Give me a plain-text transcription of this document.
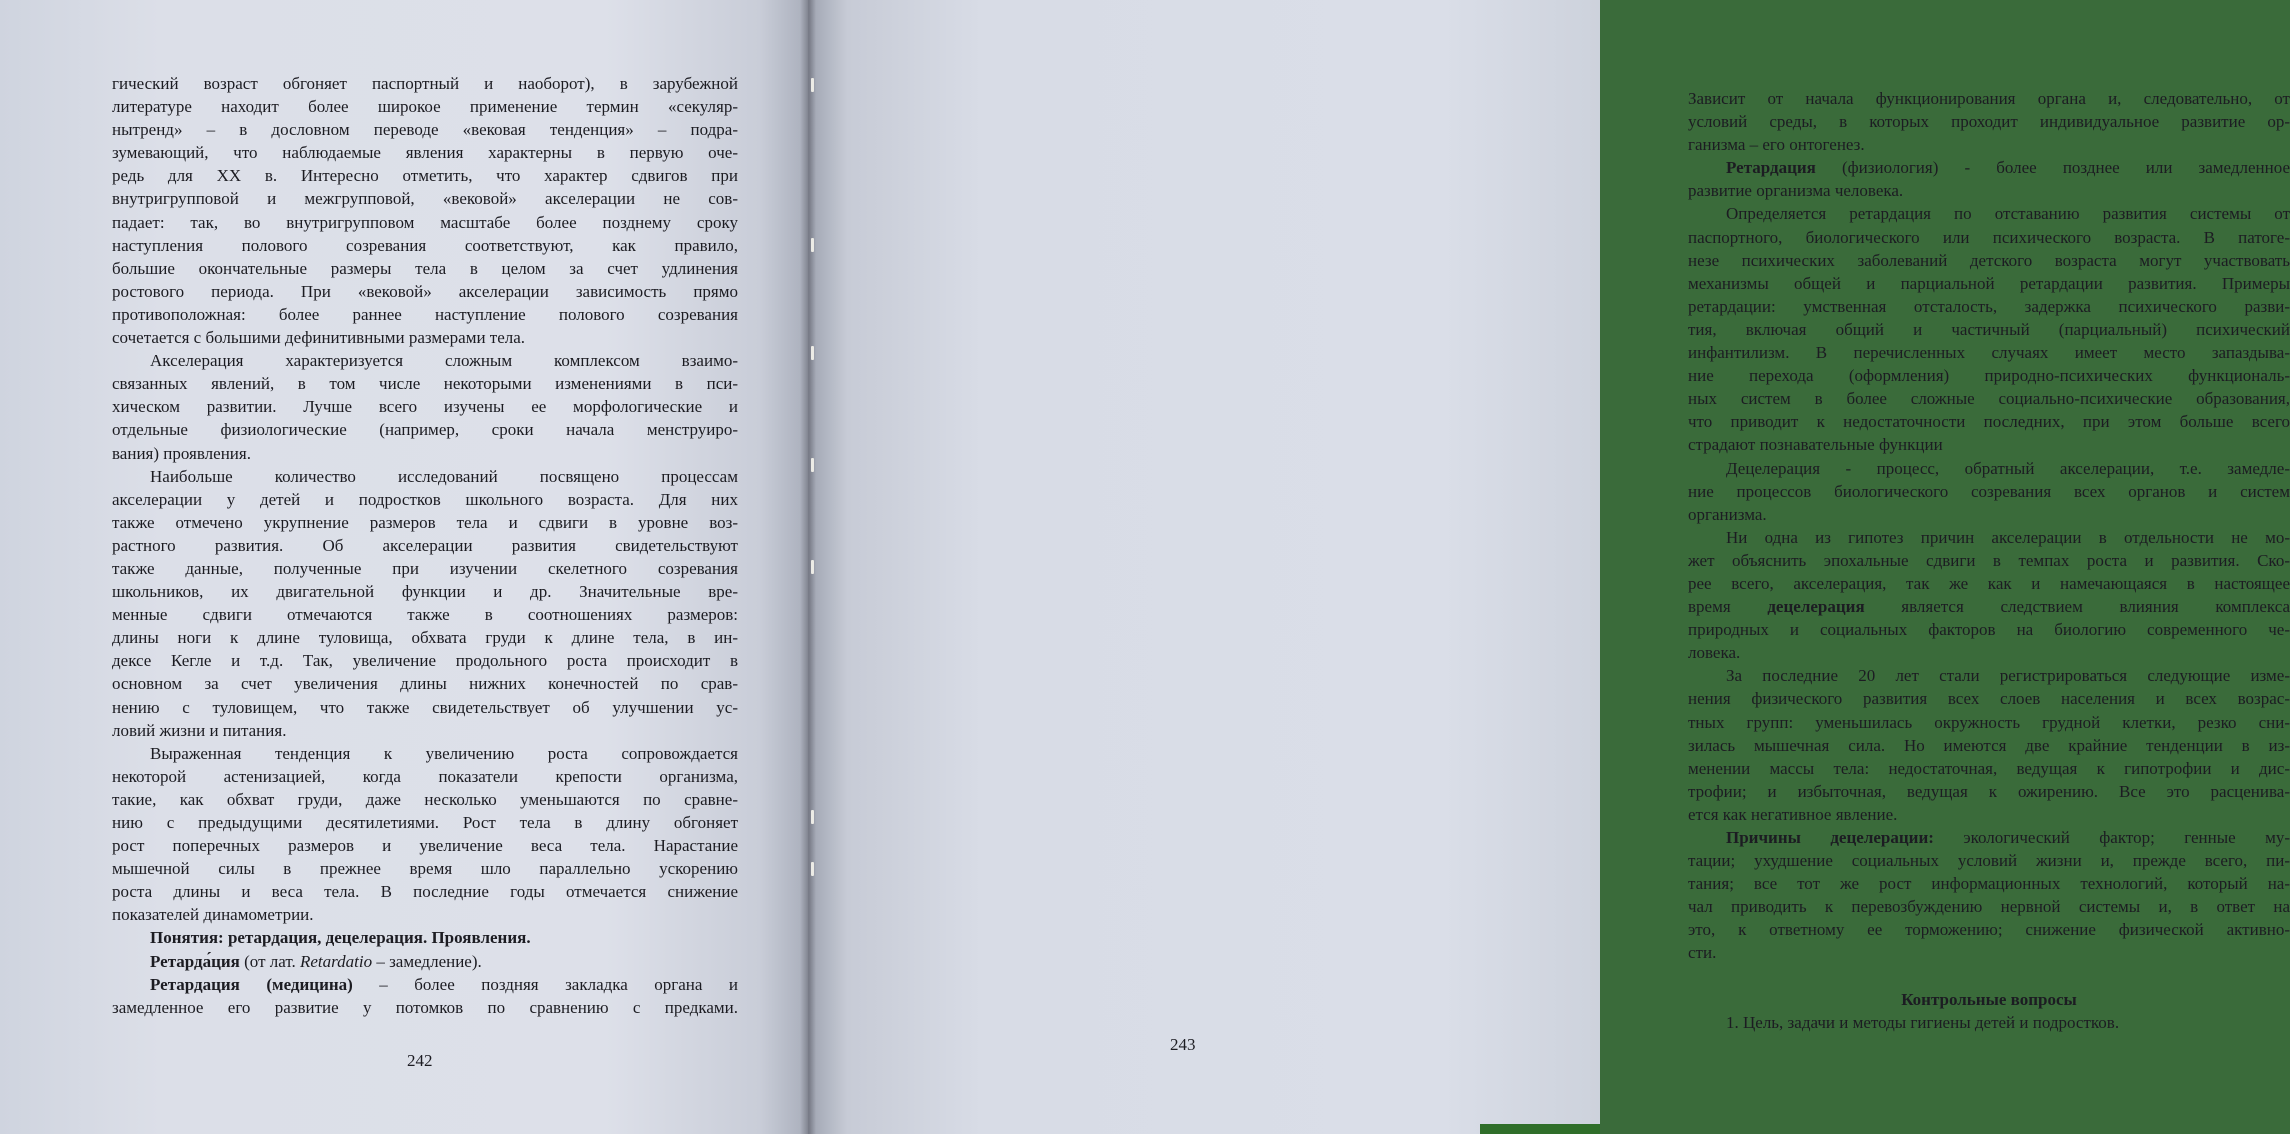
гический возраст обгоняет паспортный и наоборот), в зарубежной
литературе находит более широкое применение термин «секуляр-
нытренд» – в дословном переводе «вековая тенденция» – подра-
зумевающий, что наблюдаемые явления характерны в первую оче-
редь для XX в. Интересно отметить, что характер сдвигов при
внутригрупповой и межгрупповой, «вековой» акселерации не сов-
падает: так, во внутригрупповом масштабе более позднему сроку
наступления полового созревания соответствуют, как правило,
большие окончательные размеры тела в целом за счет удлинения
ростового периода. При «вековой» акселерации зависимость прямо
противоположная: более раннее наступление полового созревания
сочетается с большими дефинитивными размерами тела.
Акселерация характеризуется сложным комплексом взаимо-
связанных явлений, в том числе некоторыми изменениями в пси-
хическом развитии. Лучше всего изучены ее морфологические и
отдельные физиологические (например, сроки начала менструиро-
вания) проявления.
Наибольше количество исследований посвящено процессам
акселерации у детей и подростков школьного возраста. Для них
также отмечено укрупнение размеров тела и сдвиги в уровне воз-
растного развития. Об акселерации развития свидетельствуют
также данные, полученные при изучении скелетного созревания
школьников, их двигательной функции и др. Значительные вре-
менные сдвиги отмечаются также в соотношениях размеров:
длины ноги к длине туловища, обхвата груди к длине тела, в ин-
дексе Кегле и т.д. Так, увеличение продольного роста происходит в
основном за счет увеличения длины нижних конечностей по срав-
нению с туловищем, что также свидетельствует об улучшении ус-
ловий жизни и питания.
Выраженная тенденция к увеличению роста сопровождается
некоторой астенизацией, когда показатели крепости организма,
такие, как обхват груди, даже несколько уменьшаются по сравне-
нию с предыдущими десятилетиями. Рост тела в длину обгоняет
рост поперечных размеров и увеличение веса тела. Нарастание
мышечной силы в прежнее время шло параллельно ускорению
роста длины и веса тела. В последние годы отмечается снижение
показателей динамометрии.
Понятия: ретардация, децелерация. Проявления.
Ретарда́ция (от лат. Retardatio – замедление).
Ретардация (медицина) – более поздняя закладка органа и
замедленное его развитие у потомков по сравнению с предками.
242
Зависит от начала функционирования органа и, следовательно, от
условий среды, в которых проходит индивидуальное развитие ор-
ганизма – его онтогенез.
Ретардация (физиология) - более позднее или замедленное
развитие организма человека.
Определяется ретардация по отставанию развития системы от
паспортного, биологического или психического возраста. В патоге-
незе психических заболеваний детского возраста могут участвовать
механизмы общей и парциальной ретардации развития. Примеры
ретардации: умственная отсталость, задержка психического разви-
тия, включая общий и частичный (парциальный) психический
инфантилизм. В перечисленных случаях имеет место запаздыва-
ние перехода (оформления) природно-психических функциональ-
ных систем в более сложные социально-психические образования,
что приводит к недостаточности последних, при этом больше всего
страдают познавательные функции
Децелерация - процесс, обратный акселерации, т.е. замедле-
ние процессов биологического созревания всех органов и систем
организма.
Ни одна из гипотез причин акселерации в отдельности не мо-
жет объяснить эпохальные сдвиги в темпах роста и развития. Ско-
рее всего, акселерация, так же как и намечающаяся в настоящее
время децелерация является следствием влияния комплекса
природных и социальных факторов на биологию современного че-
ловека.
За последние 20 лет стали регистрироваться следующие изме-
нения физического развития всех слоев населения и всех возрас-
тных групп: уменьшилась окружность грудной клетки, резко сни-
зилась мышечная сила. Но имеются две крайние тенденции в из-
менении массы тела: недостаточная, ведущая к гипотрофии и дис-
трофии; и избыточная, ведущая к ожирению. Все это расценива-
ется как негативное явление.
Причины децелерации: экологический фактор; генные му-
тации; ухудшение социальных условий жизни и, прежде всего, пи-
тания; все тот же рост информационных технологий, который на-
чал приводить к перевозбуждению нервной системы и, в ответ на
это, к ответному ее торможению; снижение физической активно-
сти.
Контрольные вопросы
1. Цель, задачи и методы гигиены детей и подростков.
243
